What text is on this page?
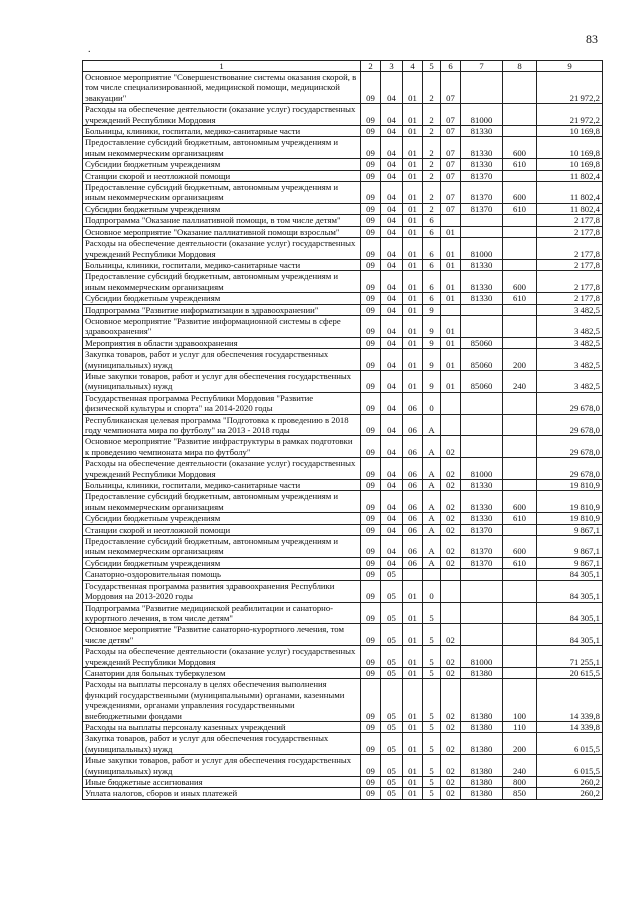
83
.
1	2	3	4	5	6	7	8	9
Основное мероприятие "Совершенствование системы оказания скорой, в том числе специализированной, медицинской помощи, медицинской эвакуации"	09	04	01	2	07			21 972,2
Расходы на обеспечение деятельности (оказание услуг) государственных учреждений Республики Мордовия	09	04	01	2	07	81000		21 972,2
Больницы, клиники, госпитали, медико-санитарные части	09	04	01	2	07	81330		10 169,8
Предоставление субсидий бюджетным, автономным учреждениям и иным некоммерческим организациям	09	04	01	2	07	81330	600	10 169,8
Субсидии бюджетным учреждениям	09	04	01	2	07	81330	610	10 169,8
Станции скорой и неотложной помощи	09	04	01	2	07	81370		11 802,4
Предоставление субсидий бюджетным, автономным учреждениям и иным некоммерческим организациям	09	04	01	2	07	81370	600	11 802,4
Субсидии бюджетным учреждениям	09	04	01	2	07	81370	610	11 802,4
Подпрограмма "Оказание паллиативной помощи, в том числе детям"	09	04	01	6				2 177,8
Основное мероприятие "Оказание паллиативной помощи взрослым"	09	04	01	6	01			2 177,8
Расходы на обеспечение деятельности (оказание услуг) государственных учреждений Республики Мордовия	09	04	01	6	01	81000		2 177,8
Больницы, клиники, госпитали, медико-санитарные части	09	04	01	6	01	81330		2 177,8
Предоставление субсидий бюджетным, автономным учреждениям и иным некоммерческим организациям	09	04	01	6	01	81330	600	2 177,8
Субсидии бюджетным учреждениям	09	04	01	6	01	81330	610	2 177,8
Подпрограмма "Развитие информатизации в здравоохранении"	09	04	01	9				3 482,5
Основное мероприятие "Развитие информационной системы в сфере здравоохранения"	09	04	01	9	01			3 482,5
Мероприятия в области здравоохранения	09	04	01	9	01	85060		3 482,5
Закупка товаров, работ и услуг для обеспечения государственных (муниципальных) нужд	09	04	01	9	01	85060	200	3 482,5
Иные закупки товаров, работ и услуг для обеспечения государственных (муниципальных) нужд	09	04	01	9	01	85060	240	3 482,5
Государственная программа Республики Мордовия "Развитие физической культуры и спорта" на 2014-2020 годы	09	04	06	0				29 678,0
Республиканская целевая программа "Подготовка к проведению в 2018 году чемпионата мира по футболу" на 2013 - 2018 годы	09	04	06	А				29 678,0
Основное мероприятие "Развитие инфраструктуры в рамках подготовки к проведению чемпионата мира по футболу"	09	04	06	А	02			29 678,0
Расходы на обеспечение деятельности (оказание услуг) государственных учреждений Республики Мордовия	09	04	06	А	02	81000		29 678,0
Больницы, клиники, госпитали, медико-санитарные части	09	04	06	А	02	81330		19 810,9
Предоставление субсидий бюджетным, автономным учреждениям и иным некоммерческим организациям	09	04	06	А	02	81330	600	19 810,9
Субсидии бюджетным учреждениям	09	04	06	А	02	81330	610	19 810,9
Станции скорой и неотложной помощи	09	04	06	А	02	81370		9 867,1
Предоставление субсидий бюджетным, автономным учреждениям и иным некоммерческим организациям	09	04	06	А	02	81370	600	9 867,1
Субсидии бюджетным учреждениям	09	04	06	А	02	81370	610	9 867,1
Санаторно-оздоровительная помощь	09	05						84 305,1
Государственная программа развития здравоохранения Республики Мордовия на 2013-2020 годы	09	05	01	0				84 305,1
Подпрограмма "Развитие медицинской реабилитации и санаторно-курортного лечения, в том числе детям"	09	05	01	5				84 305,1
Основное мероприятие "Развитие санаторно-курортного лечения, том числе детям"	09	05	01	5	02			84 305,1
Расходы на обеспечение деятельности (оказание услуг) государственных учреждений Республики Мордовия	09	05	01	5	02	81000		71 255,1
Санатории для больных туберкулезом	09	05	01	5	02	81380		20 615,5
Расходы на выплаты персоналу в целях обеспечения выполнения функций государственными (муниципальными) органами, казенными учреждениями, органами управления государственными внебюджетными фондами	09	05	01	5	02	81380	100	14 339,8
Расходы на выплаты персоналу казенных учреждений	09	05	01	5	02	81380	110	14 339,8
Закупка товаров, работ и услуг для обеспечения государственных (муниципальных) нужд	09	05	01	5	02	81380	200	6 015,5
Иные закупки товаров, работ и услуг для обеспечения государственных (муниципальных) нужд	09	05	01	5	02	81380	240	6 015,5
Иные бюджетные ассигнования	09	05	01	5	02	81380	800	260,2
Уплата налогов, сборов и иных платежей	09	05	01	5	02	81380	850	260,2
